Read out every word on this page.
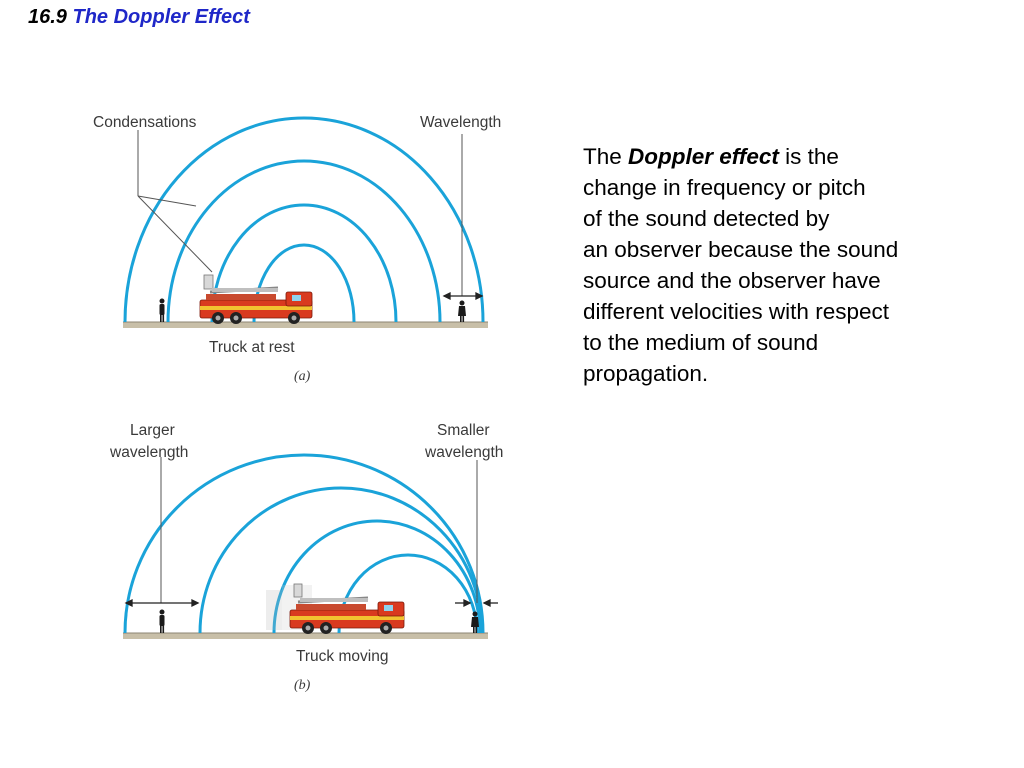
16.9 The Doppler Effect
Condensations	Wavelength
Truck at rest
(a)
Larger
wavelength
Smaller
wavelength
Truck moving
(b)
The Doppler effect is the
change in frequency or pitch
of the sound detected by
an observer because the sound
source and the observer have
different velocities with respect
to the medium of sound
propagation.
